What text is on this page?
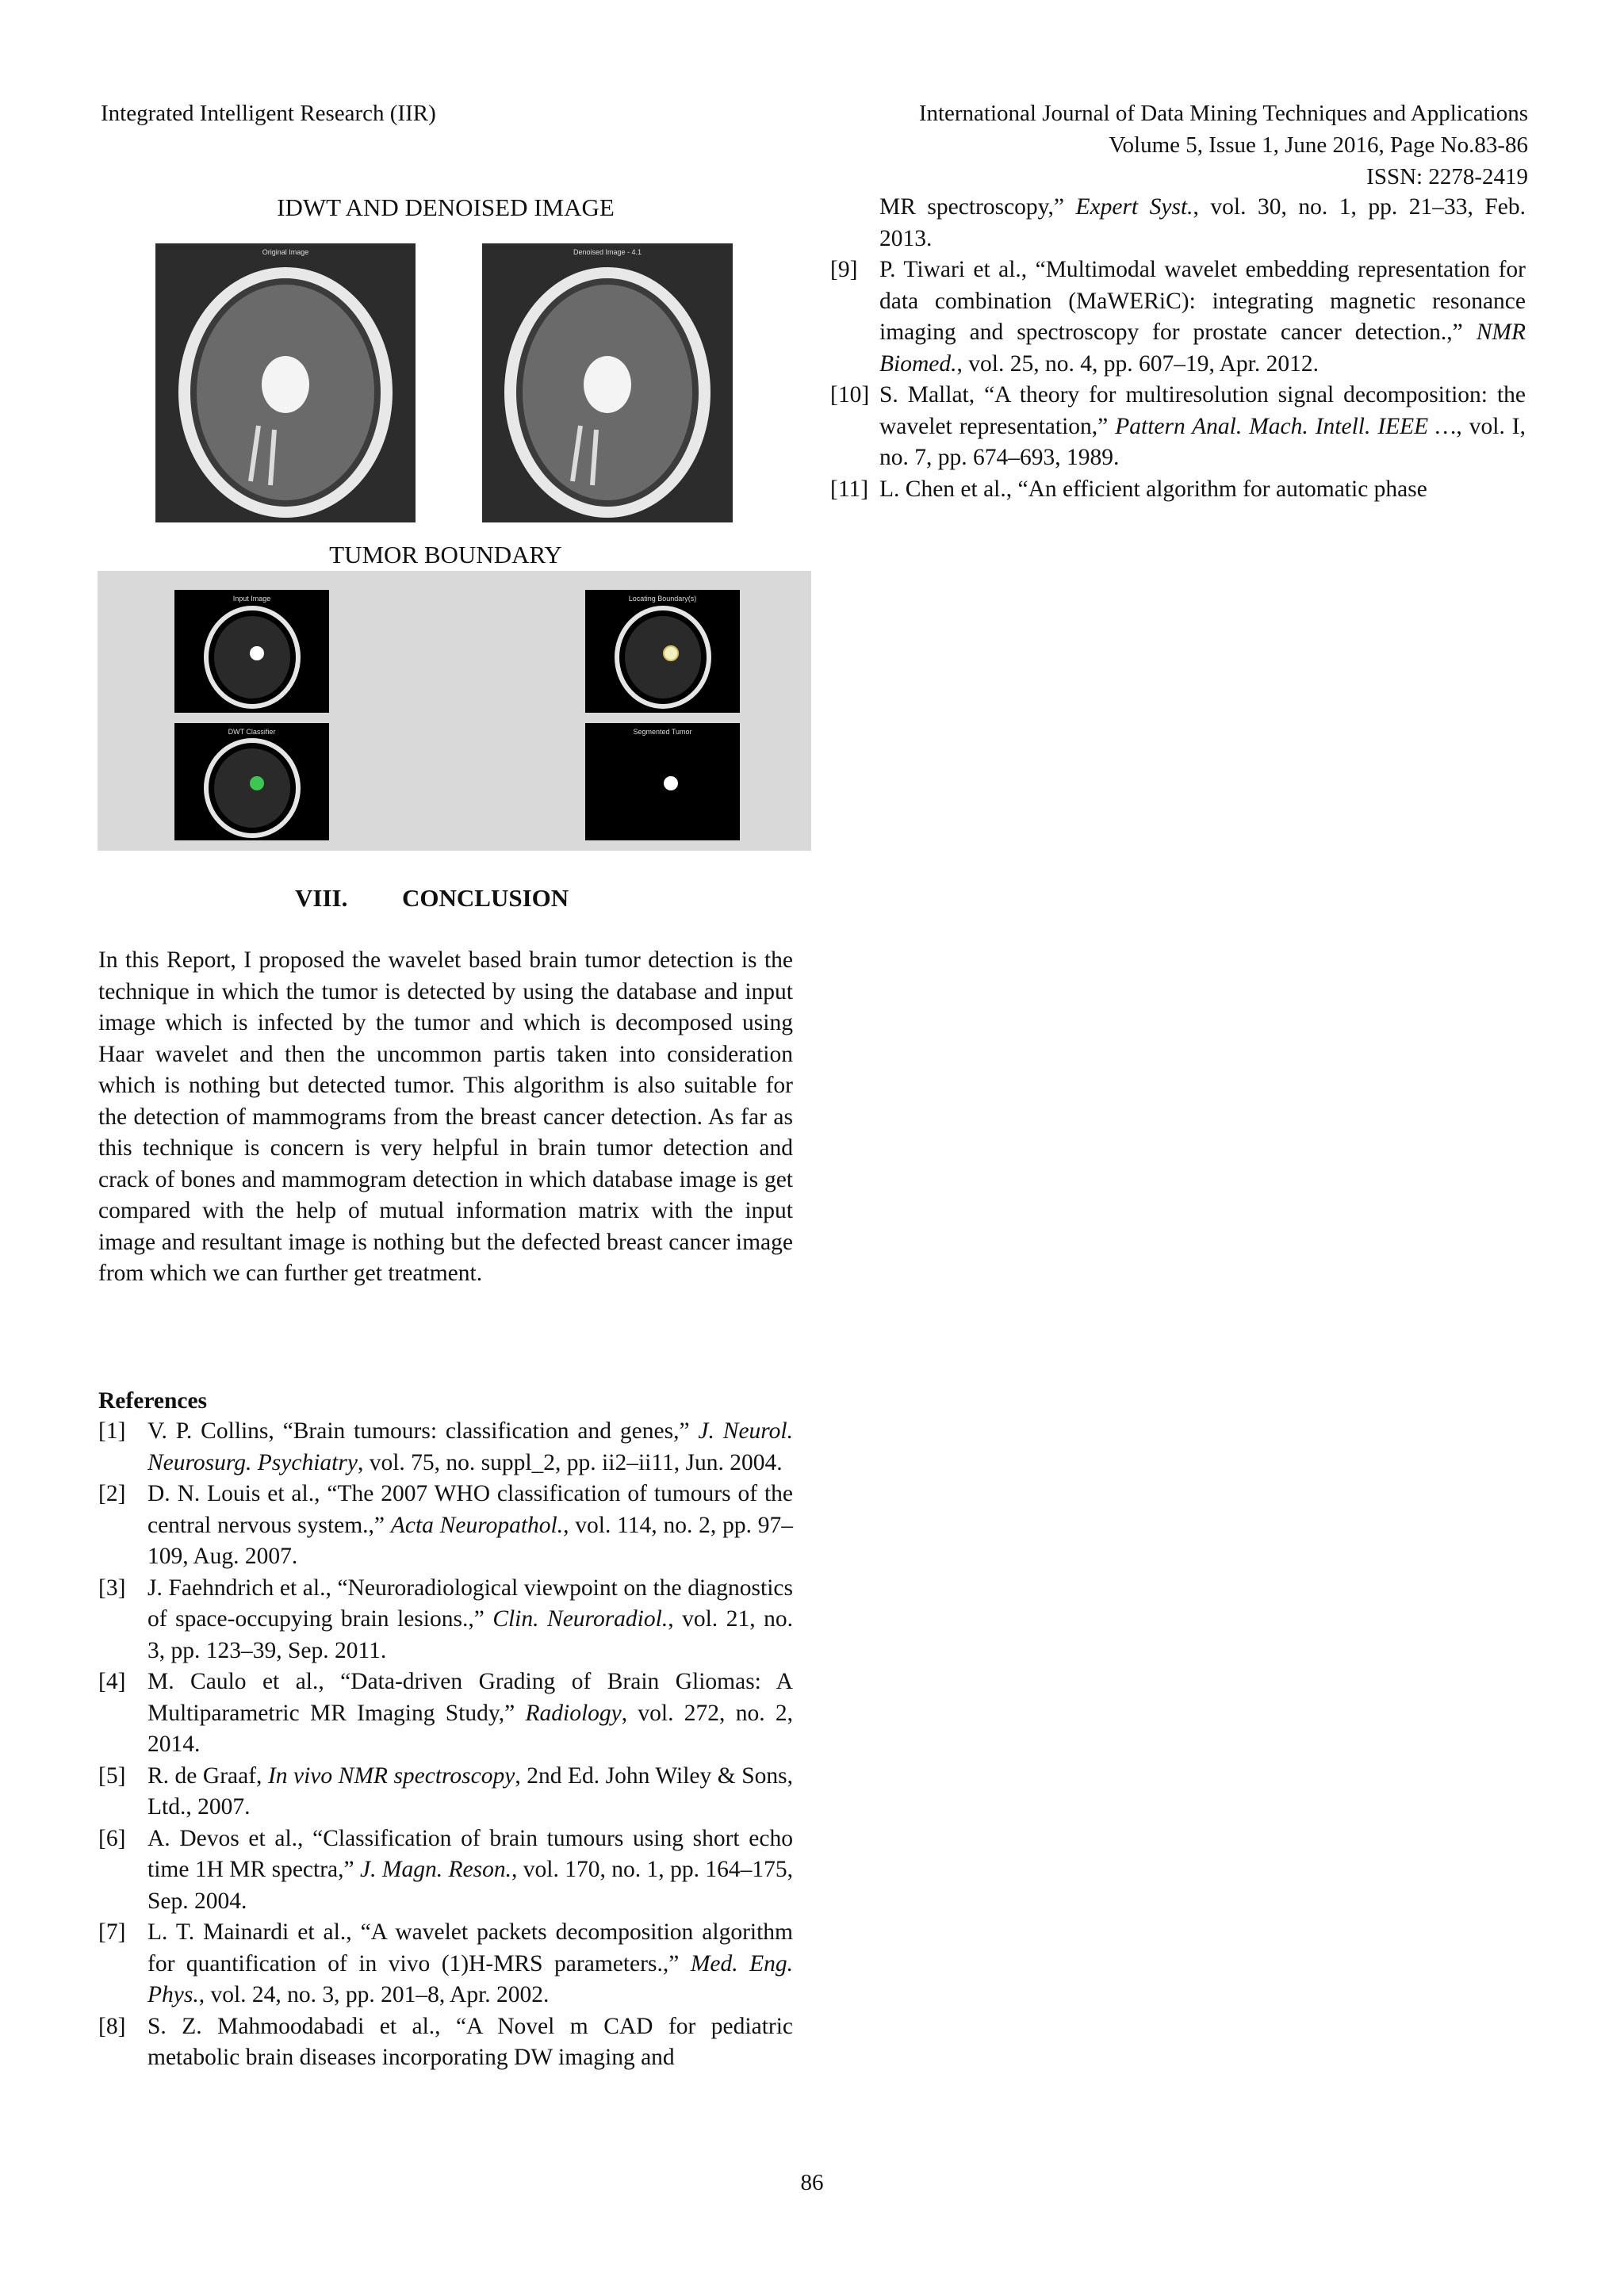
Integrated Intelligent Research (IIR)	International Journal of Data Mining Techniques and Applications
Volume 5, Issue 1, June 2016, Page No.83-86
ISSN: 2278-2419
IDWT AND DENOISED IMAGE
Original Image	Denoised Image - 4.1
TUMOR BOUNDARY
Input Image	Locating Boundary(s)
DWT Classifier	Segmented Tumor
VIII. CONCLUSION
In this Report, I proposed the wavelet based brain tumor detection is the technique in which the tumor is detected by using the database and input image which is infected by the tumor and which is decomposed using Haar wavelet and then the uncommon partis taken into consideration which is nothing but detected tumor. This algorithm is also suitable for the detection of mammograms from the breast cancer detection. As far as this technique is concern is very helpful in brain tumor detection and crack of bones and mammogram detection in which database image is get compared with the help of mutual information matrix with the input image and resultant image is nothing but the defected breast cancer image from which we can further get treatment.
References

[1] V. P. Collins, “Brain tumours: classification and genes,” J. Neurol. Neurosurg. Psychiatry, vol. 75, no. suppl_2, pp. ii2–ii11, Jun. 2004.

[2] D. N. Louis et al., “The 2007 WHO classification of tumours of the central nervous system.,” Acta Neuropathol., vol. 114, no. 2, pp. 97–109, Aug. 2007.

[3] J. Faehndrich et al., “Neuroradiological viewpoint on the diagnostics of space-occupying brain lesions.,” Clin. Neuroradiol., vol. 21, no. 3, pp. 123–39, Sep. 2011.

[4] M. Caulo et al., “Data-driven Grading of Brain Gliomas: A Multiparametric MR Imaging Study,” Radiology, vol. 272, no. 2, 2014.

[5] R. de Graaf, In vivo NMR spectroscopy, 2nd Ed. John Wiley & Sons, Ltd., 2007.

[6] A. Devos et al., “Classification of brain tumours using short echo time 1H MR spectra,” J. Magn. Reson., vol. 170, no. 1, pp. 164–175, Sep. 2004.

[7] L. T. Mainardi et al., “A wavelet packets decomposition algorithm for quantification of in vivo (1)H-MRS parameters.,” Med. Eng. Phys., vol. 24, no. 3, pp. 201–8, Apr. 2002.

[8] S. Z. Mahmoodabadi et al., “A Novel m CAD for pediatric metabolic brain diseases incorporating DW imaging and

MR spectroscopy,” Expert Syst., vol. 30, no. 1, pp. 21–33, Feb. 2013.

[9] P. Tiwari et al., “Multimodal wavelet embedding representation for data combination (MaWERiC): integrating magnetic resonance imaging and spectroscopy for prostate cancer detection.,” NMR Biomed., vol. 25, no. 4, pp. 607–19, Apr. 2012.

[10] S. Mallat, “A theory for multiresolution signal decomposition: the wavelet representation,” Pattern Anal. Mach. Intell. IEEE …, vol. I, no. 7, pp. 674–693, 1989.

[11] L. Chen et al., “An efficient algorithm for automatic phase

86
